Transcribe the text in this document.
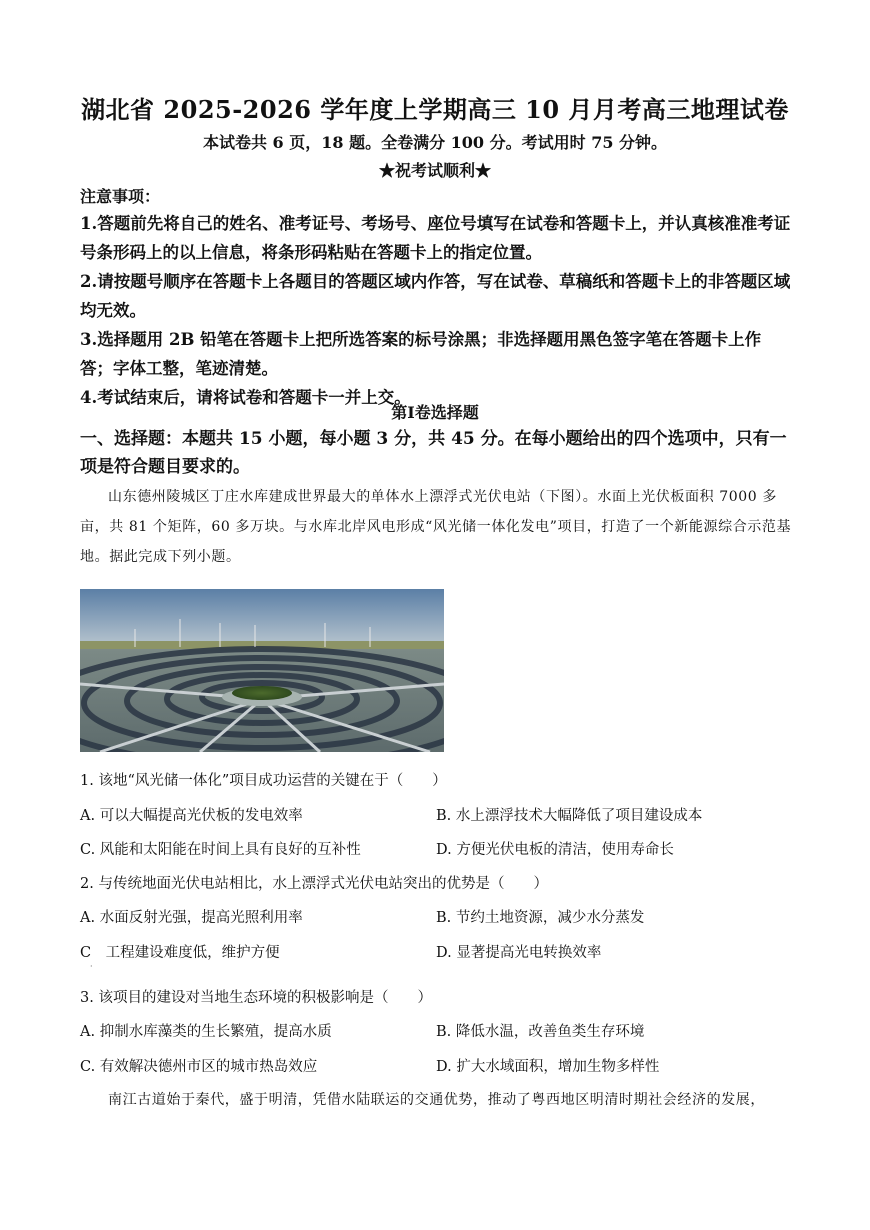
湖北省 2025-2026 学年度上学期高三 10 月月考高三地理试卷
本试卷共 6 页，18 题。全卷满分 100 分。考试用时 75 分钟。
★祝考试顺利★
注意事项：

1.答题前先将自己的姓名、准考证号、考场号、座位号填写在试卷和答题卡上，并认真核准准考证号条形码上的以上信息，将条形码粘贴在答题卡上的指定位置。

2.请按题号顺序在答题卡上各题目的答题区域内作答，写在试卷、草稿纸和答题卡上的非答题区域均无效。

3.选择题用 2B 铅笔在答题卡上把所选答案的标号涂黑；非选择题用黑色签字笔在答题卡上作答；字体工整，笔迹清楚。

4.考试结束后，请将试卷和答题卡一并上交。

第Ⅰ卷选择题
一、选择题：本题共 15 小题，每小题 3 分，共 45 分。在每小题给出的四个选项中，只有一项是符合题目要求的。
山东德州陵城区丁庄水库建成世界最大的单体水上漂浮式光伏电站（下图）。水面上光伏板面积 7000 多亩，共 81 个矩阵，60 多万块。与水库北岸风电形成“风光储一体化发电”项目，打造了一个新能源综合示范基地。据此完成下列小题。
1. 该地“风光储一体化”项目成功运营的关键在于（　　）
A. 可以大幅提高光伏板的发电效率	B. 水上漂浮技术大幅降低了项目建设成本
C. 风能和太阳能在时间上具有良好的互补性	D. 方便光伏电板的清洁，使用寿命长
2. 与传统地面光伏电站相比，水上漂浮式光伏电站突出的优势是（　　）
A. 水面反射光强，提高光照利用率	B. 节约土地资源，减少水分蒸发
C　工程建设难度低，维护方便	D. 显著提高光电转换效率
·
3. 该项目的建设对当地生态环境的积极影响是（　　）
A. 抑制水库藻类的生长繁殖，提高水质	B. 降低水温，改善鱼类生存环境
C. 有效解决德州市区的城市热岛效应	D. 扩大水域面积，增加生物多样性
南江古道始于秦代，盛于明清，凭借水陆联运的交通优势，推动了粤西地区明清时期社会经济的发展，
